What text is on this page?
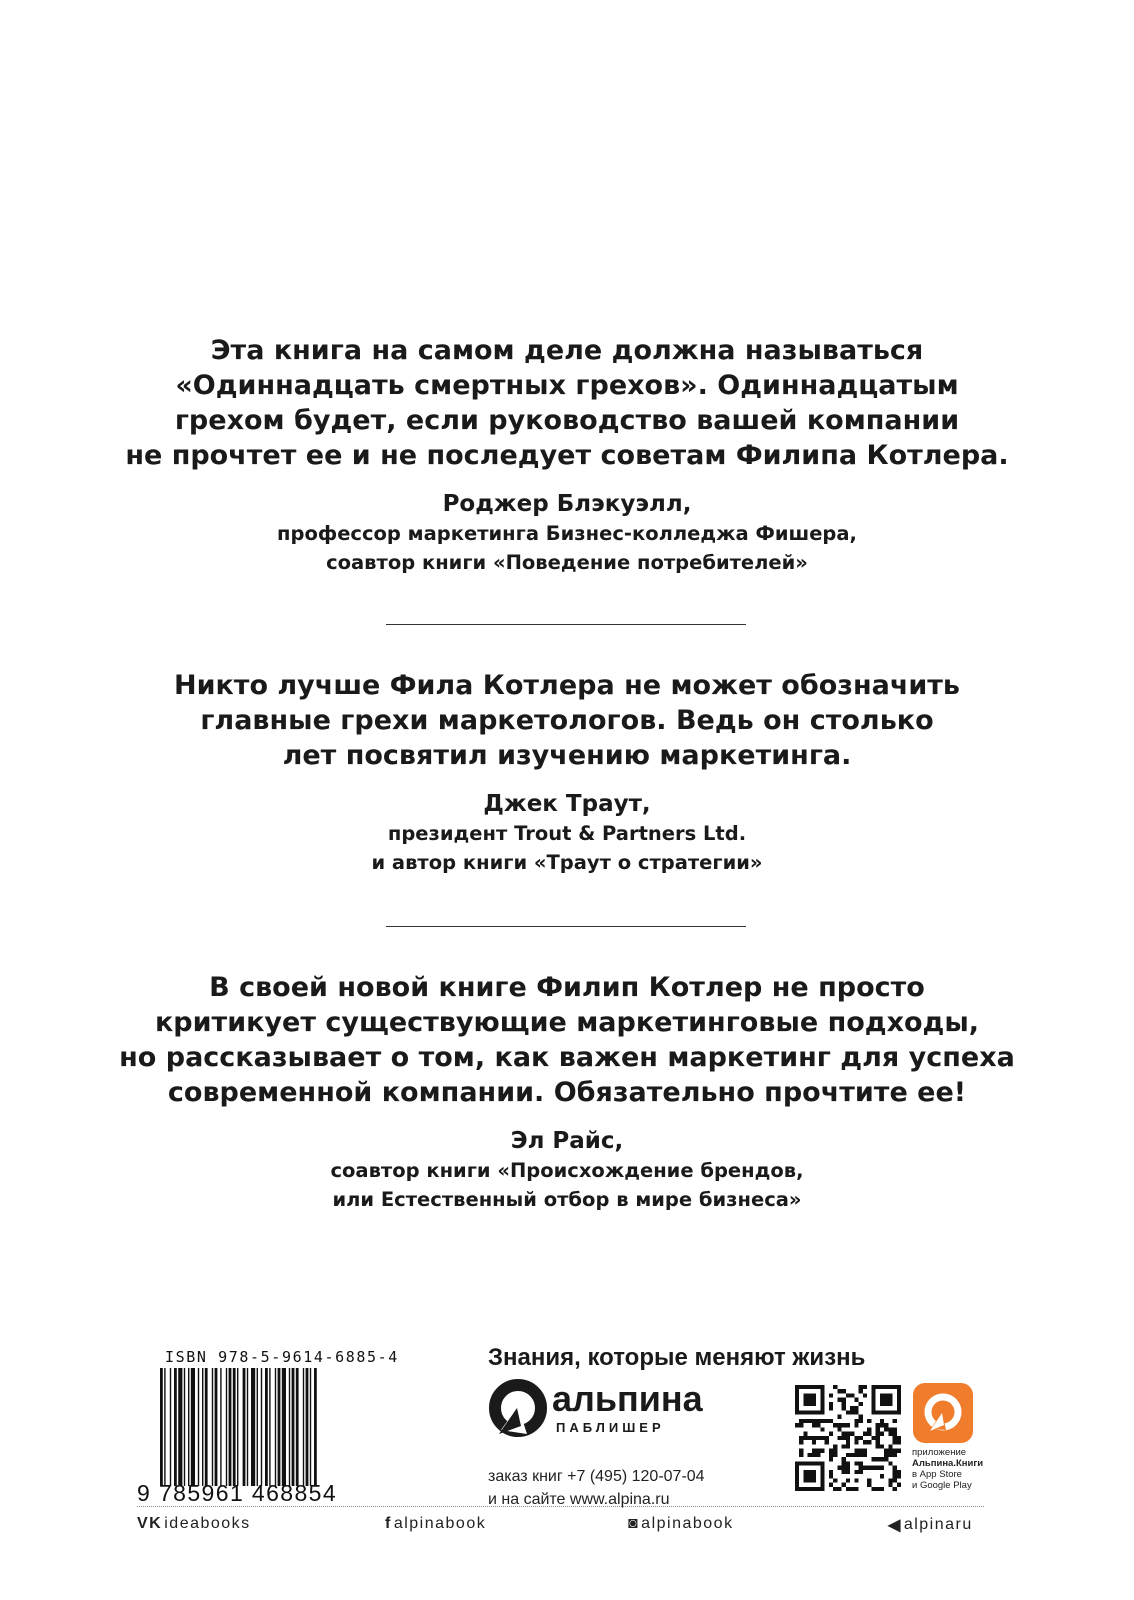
Эта книга на самом деле должна называться
«Одиннадцать смертных грехов». Одиннадцатым
грехом будет, если руководство вашей компании
не прочтет ее и не последует советам Филипа Котлера.
Роджер Блэкуэлл,
профессор маркетинга Бизнес-колледжа Фишера,
соавтор книги «Поведение потребителей»
Никто лучше Фила Котлера не может обозначить
главные грехи маркетологов. Ведь он столько
лет посвятил изучению маркетинга.
Джек Траут,
президент Trout & Partners Ltd.
и автор книги «Траут о стратегии»
В своей новой книге Филип Котлер не просто
критикует существующие маркетинговые подходы,
но рассказывает о том, как важен маркетинг для успеха
современной компании. Обязательно прочтите ее!
Эл Райс,
соавтор книги «Происхождение брендов,
или Естественный отбор в мире бизнеса»
ISBN 978-5-9614-6885-4
9 785961 468854
Знания, которые меняют жизнь
альпина
ПАБЛИШЕР
заказ книг +7 (495) 120-07-04
и на сайте www.alpina.ru
приложение
Альпина.Книги
в App Store
и Google Play
VK ideabooks	f alpinabook	◙ alpinabook	◀ alpinaru
